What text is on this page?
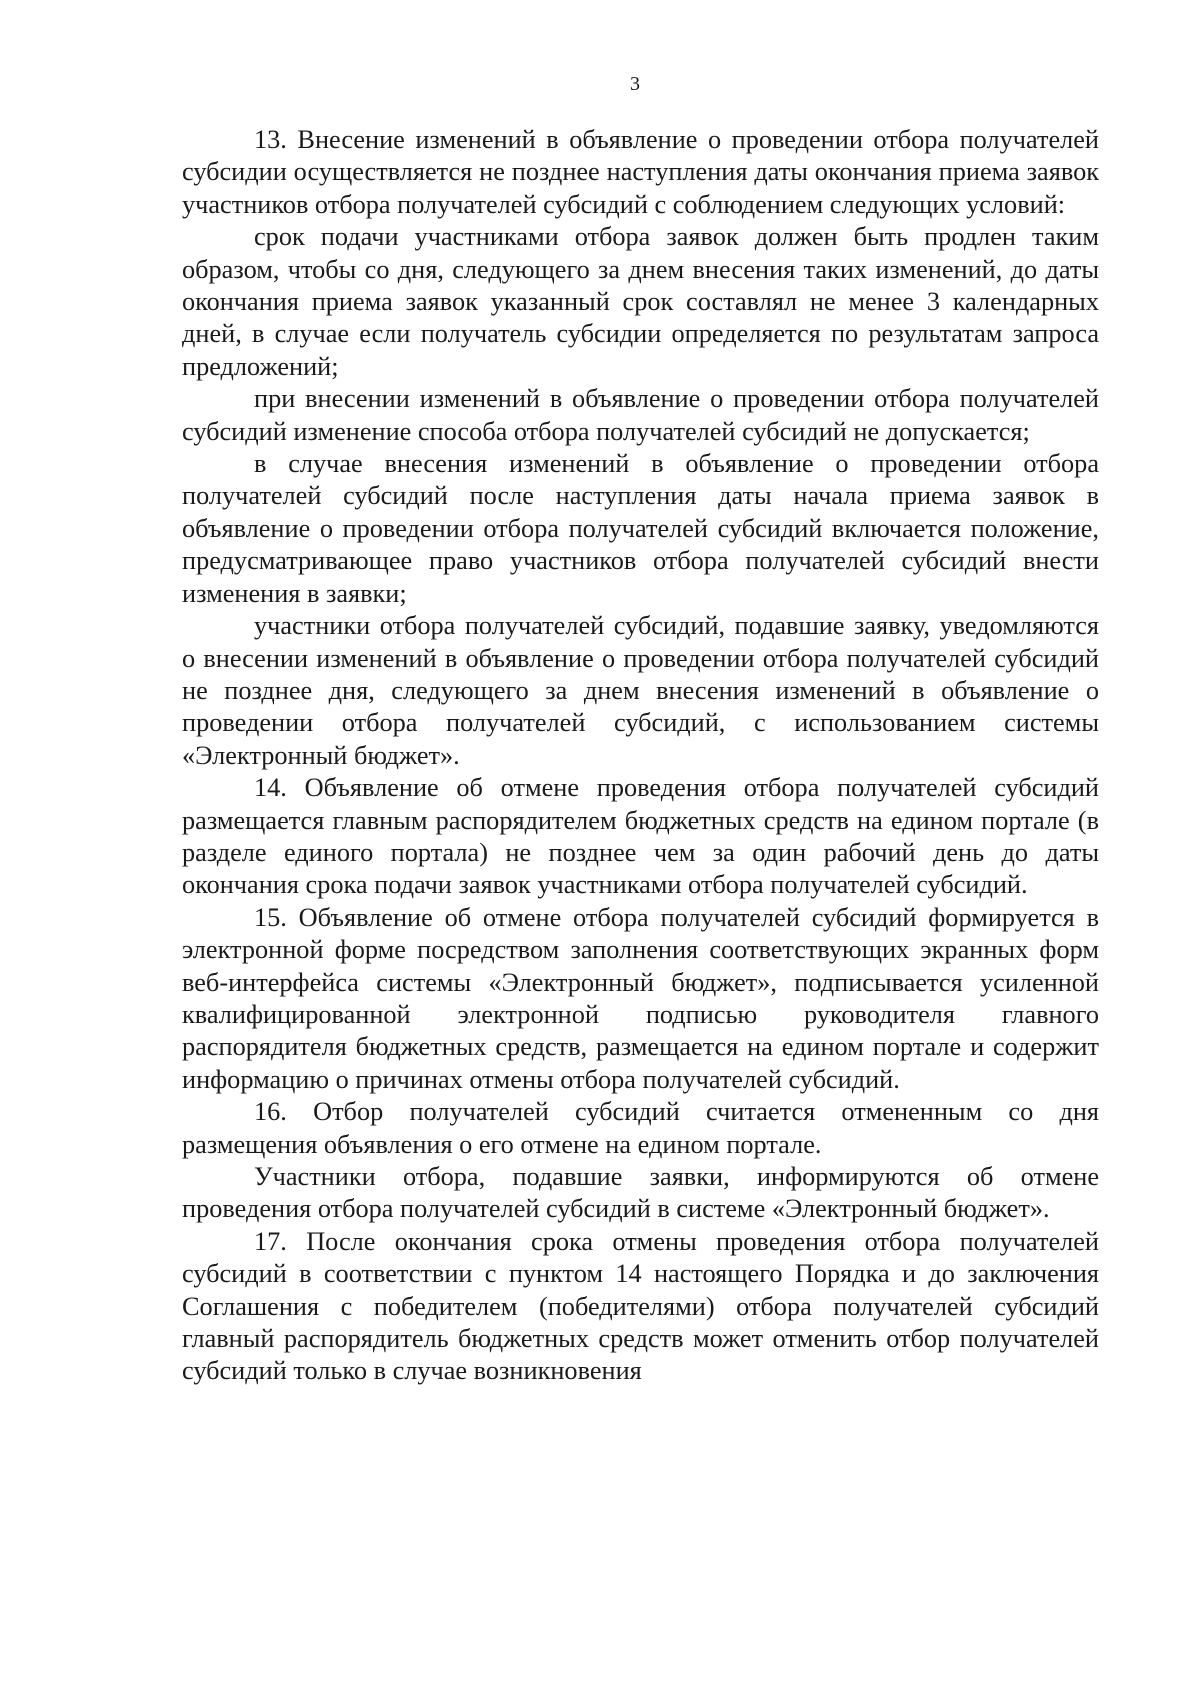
3

13. Внесение изменений в объявление о проведении отбора получателей субсидии осуществляется не позднее наступления даты окончания приема заявок участников отбора получателей субсидий с соблюдением следующих условий:

срок подачи участниками отбора заявок должен быть продлен таким образом, чтобы со дня, следующего за днем внесения таких изменений, до даты окончания приема заявок указанный срок составлял не менее 3 календарных дней, в случае если получатель субсидии определяется по результатам запроса предложений;

при внесении изменений в объявление о проведении отбора получателей субсидий изменение способа отбора получателей субсидий не допускается;

в случае внесения изменений в объявление о проведении отбора получателей субсидий после наступления даты начала приема заявок в объявление о проведении отбора получателей субсидий включается положение, предусматривающее право участников отбора получателей субсидий внести изменения в заявки;

участники отбора получателей субсидий, подавшие заявку, уведомляются о внесении изменений в объявление о проведении отбора получателей субсидий не позднее дня, следующего за днем внесения изменений в объявление о проведении отбора получателей субсидий, с использованием системы «Электронный бюджет».

14. Объявление об отмене проведения отбора получателей субсидий размещается главным распорядителем бюджетных средств на едином портале (в разделе единого портала) не позднее чем за один рабочий день до даты окончания срока подачи заявок участниками отбора получателей субсидий.

15. Объявление об отмене отбора получателей субсидий формируется в электронной форме посредством заполнения соответствующих экранных форм веб-интерфейса системы «Электронный бюджет», подписывается усиленной квалифицированной электронной подписью руководителя главного распорядителя бюджетных средств, размещается на едином портале и содержит информацию о причинах отмены отбора получателей субсидий.

16. Отбор получателей субсидий считается отмененным со дня размещения объявления о его отмене на едином портале.

Участники отбора, подавшие заявки, информируются об отмене проведения отбора получателей субсидий в системе «Электронный бюджет».

17. После окончания срока отмены проведения отбора получателей субсидий в соответствии с пунктом 14 настоящего Порядка и до заключения Соглашения с победителем (победителями) отбора получателей субсидий главный распорядитель бюджетных средств может отменить отбор получателей субсидий только в случае возникновения
